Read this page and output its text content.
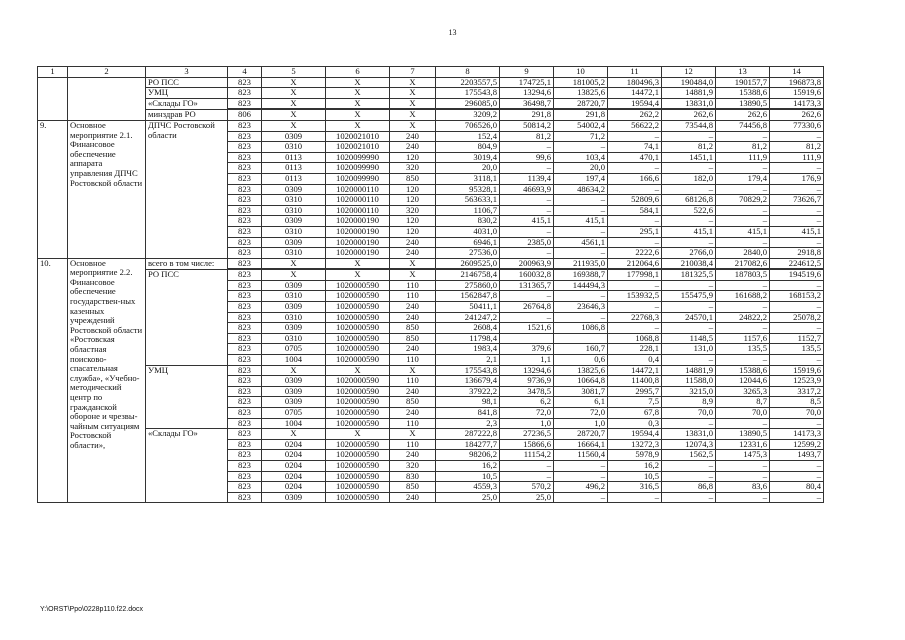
13
1	2	3	4	5	6	7	8	9	10	11	12	13	14
		РО ПСС	823	Х	Х	Х	2203557,5	174725,1	181005,2	180496,3	190484,0	190157,7	196873,8
		УМЦ	823	Х	Х	Х	175543,8	13294,6	13825,6	14472,1	14881,9	15388,6	15919,6
		«Склады ГО»	823	Х	Х	Х	296085,0	36498,7	28720,7	19594,4	13831,0	13890,5	14173,3

		минздрав РО	806	Х	Х	Х	3209,2	291,8	291,8	262,2	262,6	262,6	262,6
9.	Основное мероприятие 2.1. Финансовое обеспечение аппарата управления ДПЧС Ростовской области	ДПЧС Ростовской области	823	Х	Х	Х	706526,0	50814,2	54002,4	56622,2	73544,8	74456,8	77330,6
			823	0309	1020021010	240	152,4	81,2	71,2	–	–	–	–
			823	0310	1020021010	240	804,9	–	–	74,1	81,2	81,2	81,2
			823	0113	1020099990	120	3019,4	99,6	103,4	470,1	1451,1	111,9	111,9
			823	0113	1020099990	320	20,0	–	20,0	–	–	–	–
			823	0113	1020099990	850	3118,1	1139,4	197,4	166,6	182,0	179,4	176,9
			823	0309	1020000110	120	95328,1	46693,9	48634,2	–	–	–	–
			823	0310	1020000110	120	563633,1	–	–	52809,6	68126,8	70829,2	73626,7
			823	0310	1020000110	320	1106,7	–	–	584,1	522,6	–	–
			823	0309	1020000190	120	830,2	415,1	415,1	–	–	–	–
			823	0310	1020000190	120	4031,0	–	–	295,1	415,1	415,1	415,1
			823	0309	1020000190	240	6946,1	2385,0	4561,1	–	–	–	–
			823	0310	1020000190	240	27536,0	–	–	2222,6	2766,0	2840,0	2918,8
10.	Основное мероприятие 2.2. Финансовое обеспечение государствен-ных казенных учреждений Ростовской области «Ростовская областная поисково-спасательная служба», «Учебно-методический центр по гражданской обороне и чрезвы-чайным ситуациям Ростовской области»,	всего в том числе:	823	Х	Х	Х	2609525,0	200963,9	211935,0	212064,6	210038,4	217082,6	224612,5

		РО ПСС	823	Х	Х	Х	2146758,4	160032,8	169388,7	177998,1	181325,5	187803,5	194519,6
			823	0309	1020000590	110	275860,0	131365,7	144494,3	–	–	–	–
			823	0310	1020000590	110	1562847,8	–	–	153932,5	155475,9	161688,2	168153,2
			823	0309	1020000590	240	50411,1	26764,8	23646,3	–	–	–	–
			823	0310	1020000590	240	241247,2	–	–	22768,3	24570,1	24822,2	25078,2
			823	0309	1020000590	850	2608,4	1521,6	1086,8	–	–	–	–
			823	0310	1020000590	850	11798,4			1068,8	1148,5	1157,6	1152,7
			823	0705	1020000590	240	1983,4	379,6	160,7	228,1	131,0	135,5	135,5
			823	1004	1020000590	110	2,1	1,1	0,6	0,4	–	–	–
		УМЦ	823	Х	Х	Х	175543,8	13294,6	13825,6	14472,1	14881,9	15388,6	15919,6
			823	0309	1020000590	110	136679,4	9736,9	10664,8	11400,8	11588,0	12044,6	12523,9
			823	0309	1020000590	240	37922,2	3478,5	3081,7	2995,7	3215,0	3265,3	3317,2
			823	0309	1020000590	850	98,1	6,2	6,1	7,5	8,9	8,7	8,5
			823	0705	1020000590	240	841,8	72,0	72,0	67,8	70,0	70,0	70,0
			823	1004	1020000590	110	2,3	1,0	1,0	0,3	–	–	–
		«Склады ГО»	823	Х	Х	Х	287222,8	27236,5	28720,7	19594,4	13831,0	13890,5	14173,3
			823	0204	1020000590	110	184277,7	15866,6	16664,1	13272,3	12074,3	12331,6	12599,2
			823	0204	1020000590	240	98206,2	11154,2	11560,4	5978,9	1562,5	1475,3	1493,7
			823	0204	1020000590	320	16,2	–	–	16,2	–	–	–
			823	0204	1020000590	830	10,5	–	–	10,5	–	–	–
			823	0204	1020000590	850	4559,3	570,2	496,2	316,5	86,8	83,6	80,4
			823	0309	1020000590	240	25,0	25,0	–	–	–	–	–
Y:\ORST\Ppo\0228p110.f22.docx
